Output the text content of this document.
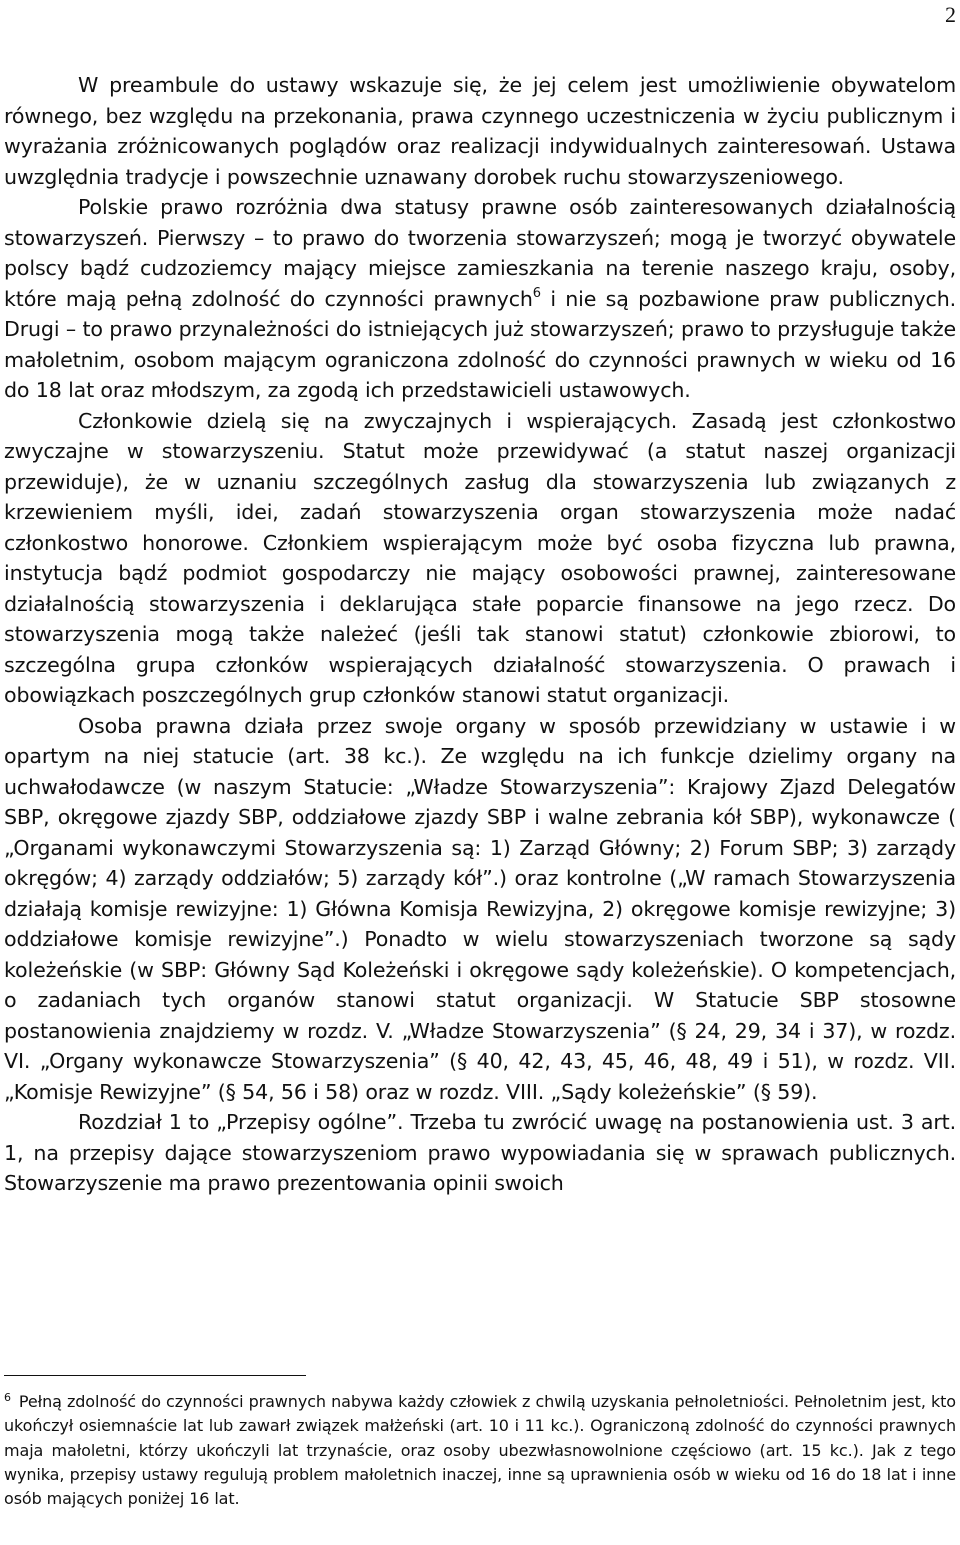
2

W preambule do ustawy wskazuje się, że jej celem jest umożliwienie obywatelom równego, bez względu na przekonania, prawa czynnego uczestniczenia w życiu publicznym i wyrażania zróżnicowanych poglądów oraz realizacji indywidualnych zainteresowań. Ustawa uwzględnia tradycje i powszechnie uznawany dorobek ruchu stowarzyszeniowego.

Polskie prawo rozróżnia dwa statusy prawne osób zainteresowanych działalnością stowarzyszeń. Pierwszy – to prawo do tworzenia stowarzyszeń; mogą je tworzyć obywatele polscy bądź cudzoziemcy mający miejsce zamieszkania na terenie naszego kraju, osoby, które mają pełną zdolność do czynności prawnych$^6$ i nie są pozbawione praw publicznych. Drugi – to prawo przynależności do istniejących już stowarzyszeń; prawo to przysługuje także małoletnim, osobom mającym ograniczona zdolność do czynności prawnych w wieku od 16 do 18 lat oraz młodszym, za zgodą ich przedstawicieli ustawowych.

Członkowie dzielą się na zwyczajnych i wspierających. Zasadą jest członkostwo zwyczajne w stowarzyszeniu. Statut może przewidywać (a statut naszej organizacji przewiduje), że w uznaniu szczególnych zasług dla stowarzyszenia lub związanych z krzewieniem myśli, idei, zadań stowarzyszenia organ stowarzyszenia może nadać członkostwo honorowe. Członkiem wspierającym może być osoba fizyczna lub prawna, instytucja bądź podmiot gospodarczy nie mający osobowości prawnej, zainteresowane działalnością stowarzyszenia i deklarująca stałe poparcie finansowe na jego rzecz. Do stowarzyszenia mogą także należeć (jeśli tak stanowi statut) członkowie zbiorowi, to szczególna grupa członków wspierających działalność stowarzyszenia. O prawach i obowiązkach poszczególnych grup członków stanowi statut organizacji.

Osoba prawna działa przez swoje organy w sposób przewidziany w ustawie i w opartym na niej statucie (art. 38 kc.). Ze względu na ich funkcje dzielimy organy na uchwałodawcze (w naszym Statucie: „Władze Stowarzyszenia”: Krajowy Zjazd Delegatów SBP, okręgowe zjazdy SBP, oddziałowe zjazdy SBP i walne zebrania kół SBP), wykonawcze ( „Organami wykonawczymi Stowarzyszenia są: 1) Zarząd Główny; 2) Forum SBP; 3) zarządy okręgów; 4) zarządy oddziałów; 5) zarządy kół”.) oraz kontrolne („W ramach Stowarzyszenia działają komisje rewizyjne: 1) Główna Komisja Rewizyjna, 2) okręgowe komisje rewizyjne; 3) oddziałowe komisje rewizyjne”.) Ponadto w wielu stowarzyszeniach tworzone są sądy koleżeńskie (w SBP: Główny Sąd Koleżeński i okręgowe sądy koleżeńskie). O kompetencjach, o zadaniach tych organów stanowi statut organizacji. W Statucie SBP stosowne postanowienia znajdziemy w rozdz. V. „Władze Stowarzyszenia” (§ 24, 29, 34 i 37), w rozdz. VI. „Organy wykonawcze Stowarzyszenia” (§ 40, 42, 43, 45, 46, 48, 49 i 51), w rozdz. VII. „Komisje Rewizyjne” (§ 54, 56 i 58) oraz w rozdz. VIII. „Sądy koleżeńskie” (§ 59).

Rozdział 1 to „Przepisy ogólne”. Trzeba tu zwrócić uwagę na postanowienia ust. 3 art. 1, na przepisy dające stowarzyszeniom prawo wypowiadania się w sprawach publicznych. Stowarzyszenie ma prawo prezentowania opinii swoich

$^6$ Pełną zdolność do czynności prawnych nabywa każdy człowiek z chwilą uzyskania pełnoletniości. Pełnoletnim jest, kto ukończył osiemnaście lat lub zawarł związek małżeński (art. 10 i 11 kc.). Ograniczoną zdolność do czynności prawnych maja małoletni, którzy ukończyli lat trzynaście, oraz osoby ubezwłasnowolnione częściowo (art. 15 kc.). Jak z tego wynika, przepisy ustawy regulują problem małoletnich inaczej, inne są uprawnienia osób w wieku od 16 do 18 lat i inne osób mających poniżej 16 lat.
